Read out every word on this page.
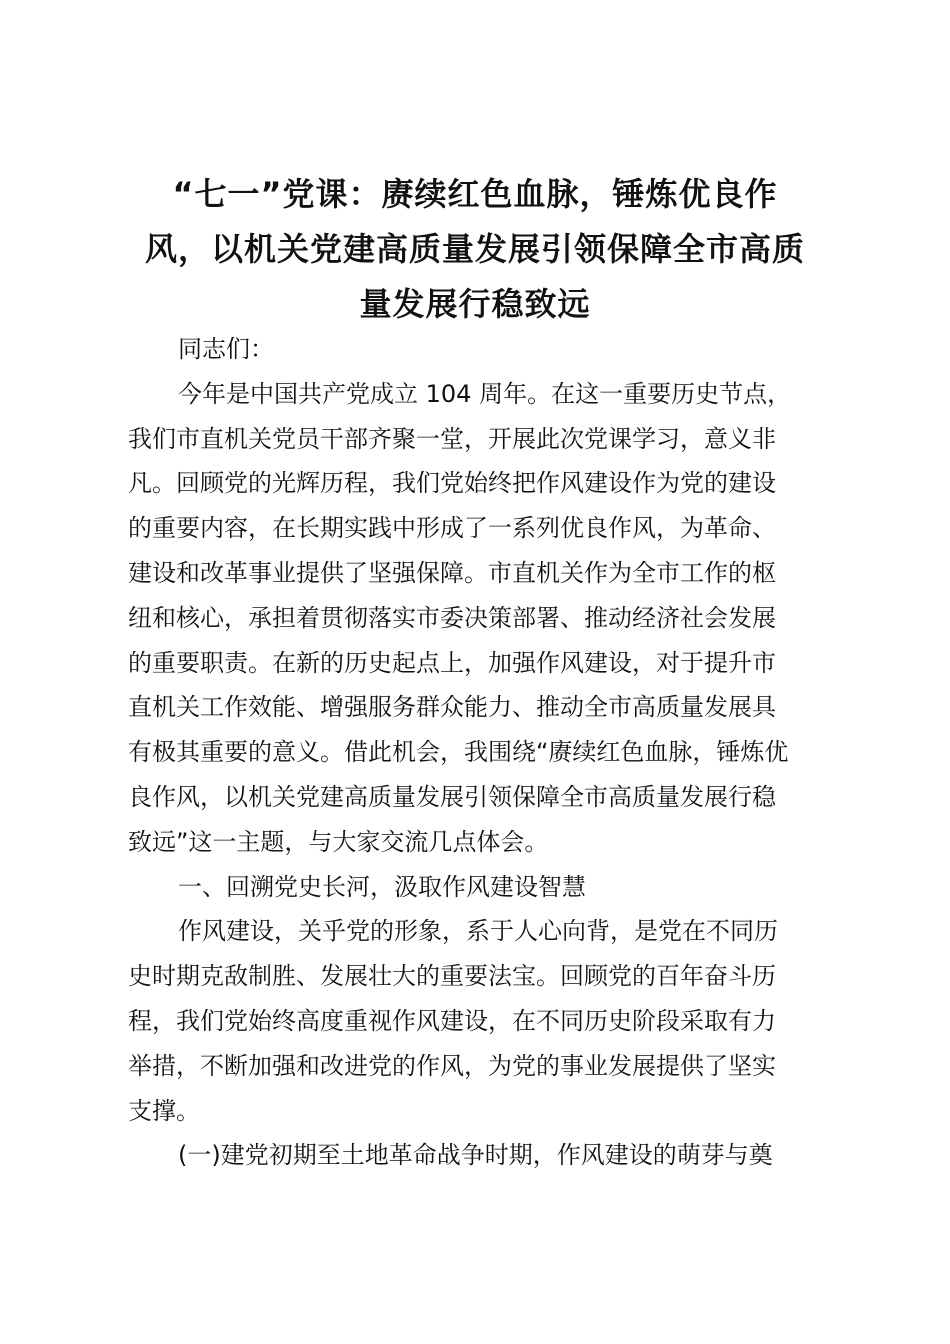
“七一”党课：赓续红色血脉，锤炼优良作
风，以机关党建高质量发展引领保障全市高质
量发展行稳致远
同志们：
今年是中国共产党成立 104 周年。在这一重要历史节点，
我们市直机关党员干部齐聚一堂，开展此次党课学习，意义非
凡。回顾党的光辉历程，我们党始终把作风建设作为党的建设
的重要内容，在长期实践中形成了一系列优良作风，为革命、
建设和改革事业提供了坚强保障。市直机关作为全市工作的枢
纽和核心，承担着贯彻落实市委决策部署、推动经济社会发展
的重要职责。在新的历史起点上，加强作风建设，对于提升市
直机关工作效能、增强服务群众能力、推动全市高质量发展具
有极其重要的意义。借此机会，我围绕“赓续红色血脉，锤炼优
良作风，以机关党建高质量发展引领保障全市高质量发展行稳
致远”这一主题，与大家交流几点体会。
一、回溯党史长河，汲取作风建设智慧
作风建设，关乎党的形象，系于人心向背，是党在不同历
史时期克敌制胜、发展壮大的重要法宝。回顾党的百年奋斗历
程，我们党始终高度重视作风建设，在不同历史阶段采取有力
举措，不断加强和改进党的作风，为党的事业发展提供了坚实
支撑。
(一)建党初期至土地革命战争时期，作风建设的萌芽与奠
